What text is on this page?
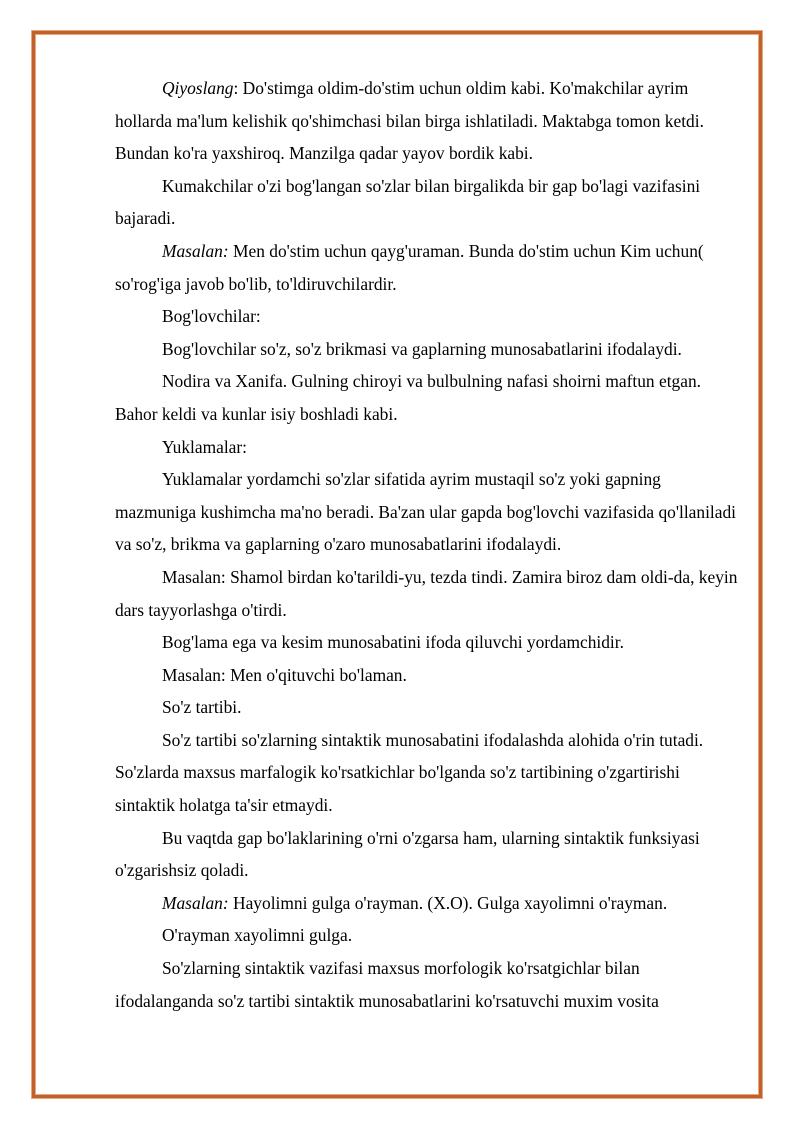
Qiyoslang: Do'stimga oldim-do'stim uchun oldim kabi. Ko'makchilar ayrim hollarda ma'lum kelishik qo'shimchasi bilan birga ishlatiladi. Maktabga tomon ketdi. Bundan ko'ra yaxshiroq. Manzilga qadar yayov bordik kabi.

Kumakchilar o'zi bog'langan so'zlar bilan birgalikda bir gap bo'lagi vazifasini bajaradi.

Masalan: Men do'stim uchun qayg'uraman. Bunda do'stim uchun Kim uchun( so'rog'iga javob bo'lib, to'ldiruvchilardir.

Bog'lovchilar:

Bog'lovchilar so'z, so'z brikmasi va gaplarning munosabatlarini ifodalaydi.

Nodira va Xanifa. Gulning chiroyi va bulbulning nafasi shoirni maftun etgan. Bahor keldi va kunlar isiy boshladi kabi.

Yuklamalar:

Yuklamalar yordamchi so'zlar sifatida ayrim mustaqil so'z yoki gapning mazmuniga kushimcha ma'no beradi. Ba'zan ular gapda bog'lovchi vazifasida qo'llaniladi va so'z, brikma va gaplarning o'zaro munosabatlarini ifodalaydi.

Masalan: Shamol birdan ko'tarildi-yu, tezda tindi. Zamira biroz dam oldi-da, keyin dars tayyorlashga o'tirdi.

Bog'lama ega va kesim munosabatini ifoda qiluvchi yordamchidir.

Masalan: Men o'qituvchi bo'laman.

So'z tartibi.

So'z tartibi so'zlarning sintaktik munosabatini ifodalashda alohida o'rin tutadi. So'zlarda maxsus marfalogik ko'rsatkichlar bo'lganda so'z tartibining o'zgartirishi sintaktik holatga ta'sir etmaydi.

Bu vaqtda gap bo'laklarining o'rni o'zgarsa ham, ularning sintaktik funksiyasi o'zgarishsiz qoladi.

Masalan: Hayolimni gulga o'rayman. (X.O). Gulga xayolimni o'rayman.

O'rayman xayolimni gulga.

So'zlarning sintaktik vazifasi maxsus morfologik ko'rsatgichlar bilan ifodalanganda so'z tartibi sintaktik munosabatlarini ko'rsatuvchi muxim vosita
